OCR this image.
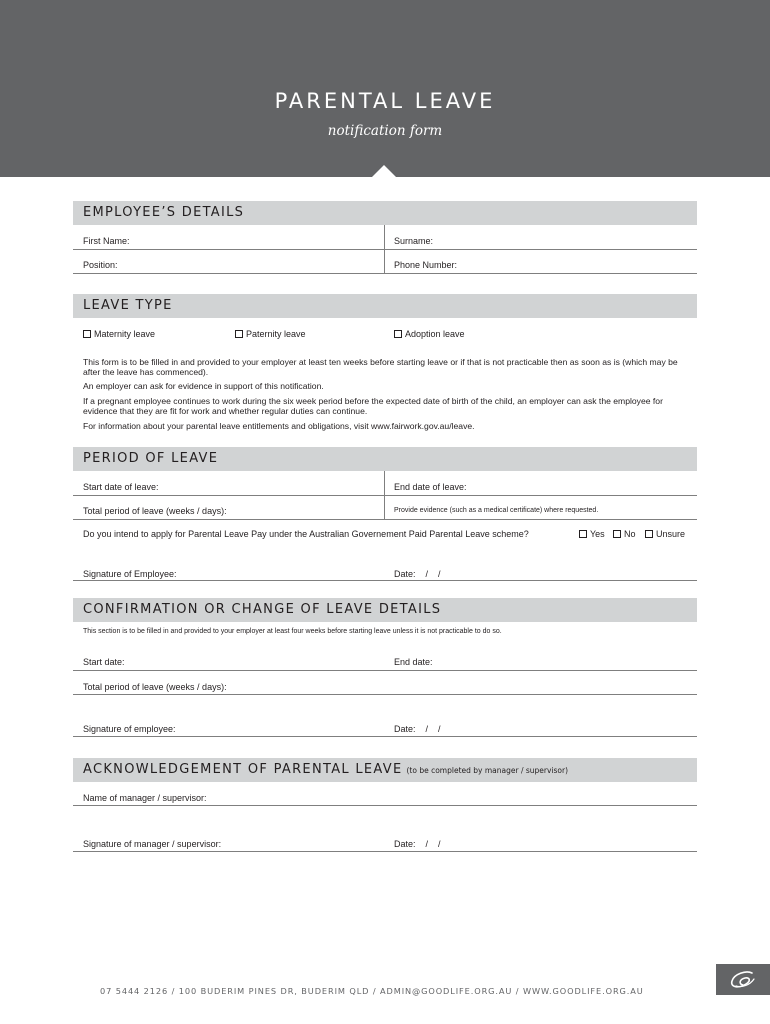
PARENTAL LEAVE
notification form
EMPLOYEE’S DETAILS
First Name:	Surname:
Position:	Phone Number:
LEAVE TYPE
Maternity leave	Paternity leave	Adoption leave
This form is to be filled in and provided to your employer at least ten weeks before starting leave or if that is not practicable then as soon as is (which may be after the leave has commenced).
An employer can ask for evidence in support of this notification.
If a pregnant employee continues to work during the six week period before the expected date of birth of the child, an employer can ask the employee for evidence that they are fit for work and whether regular duties can continue.
For information about your parental leave entitlements and obligations, visit www.fairwork.gov.au/leave.
PERIOD OF LEAVE
Start date of leave:	End date of leave:
Total period of leave (weeks / days):	Provide evidence (such as a medical certificate) where requested.
Do you intend to apply for Parental Leave Pay under the Australian Governement Paid Parental Leave scheme?	Yes	No	Unsure
Signature of Employee:	Date:    /    /
CONFIRMATION OR CHANGE OF LEAVE DETAILS
This section is to be filled in and provided to your employer at least four weeks before starting leave unless it is not practicable to do so.
Start date:	End date:
Total period of leave (weeks / days):
Signature of employee:	Date:    /    /
ACKNOWLEDGEMENT OF PARENTAL LEAVE (to be completed by manager / supervisor)
Name of manager / supervisor:
Signature of manager / supervisor:	Date:    /    /
07 5444 2126 / 100 BUDERIM PINES DR, BUDERIM QLD / ADMIN@GOODLIFE.ORG.AU / WWW.GOODLIFE.ORG.AU
